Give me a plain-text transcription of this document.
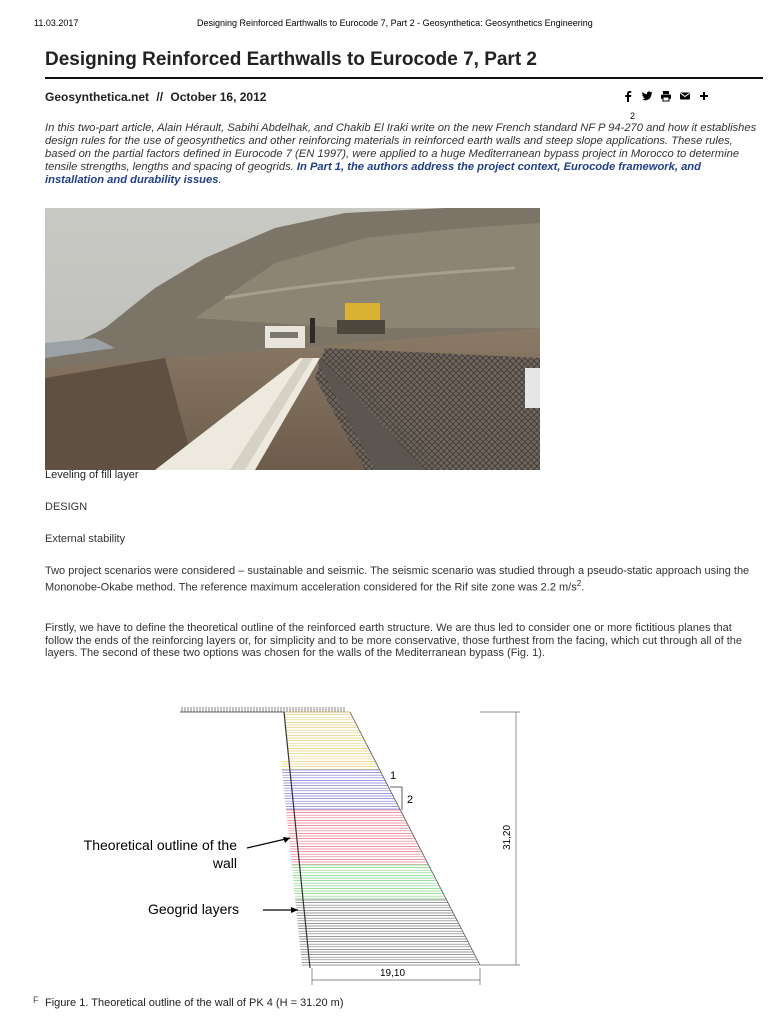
11.03.2017	Designing Reinforced Earthwalls to Eurocode 7, Part 2 - Geosynthetica: Geosynthetics Engineering
Designing Reinforced Earthwalls to Eurocode 7, Part 2
Geosynthetica.net // October 16, 2012
2
In this two-part article, Alain Hérault, Sabihi Abdelhak, and Chakib El Iraki write on the new French standard NF P 94-270 and how it establishes design rules for the use of geosynthetics and other reinforcing materials in reinforced earth walls and steep slope applications. These rules, based on the partial factors defined in Eurocode 7 (EN 1997), were applied to a huge Mediterranean bypass project in Morocco to determine tensile strengths, lengths and spacing of geogrids. In Part 1, the authors address the project context, Eurocode framework, and installation and durability issues.
Leveling of fill layer
DESIGN
External stability
Two project scenarios were considered – sustainable and seismic. The seismic scenario was studied through a pseudo-static approach using the Mononobe-Okabe method. The reference maximum acceleration considered for the Rif site zone was 2.2 $m/s^2$.
Firstly, we have to define the theoretical outline of the reinforced earth structure. We are thus led to consider one or more fictitious planes that follow the ends of the reinforcing layers or, for simplicity and to be more conservative, those furthest from the facing, which cut through all of the layers. The second of these two options was chosen for the walls of the Mediterranean bypass (Fig. 1).
1
2
31,20
19,10
Theoretical outline of the
wall
Geogrid layers
F Figure 1. Theoretical outline of the wall of PK 4 (H = 31.20 m)
